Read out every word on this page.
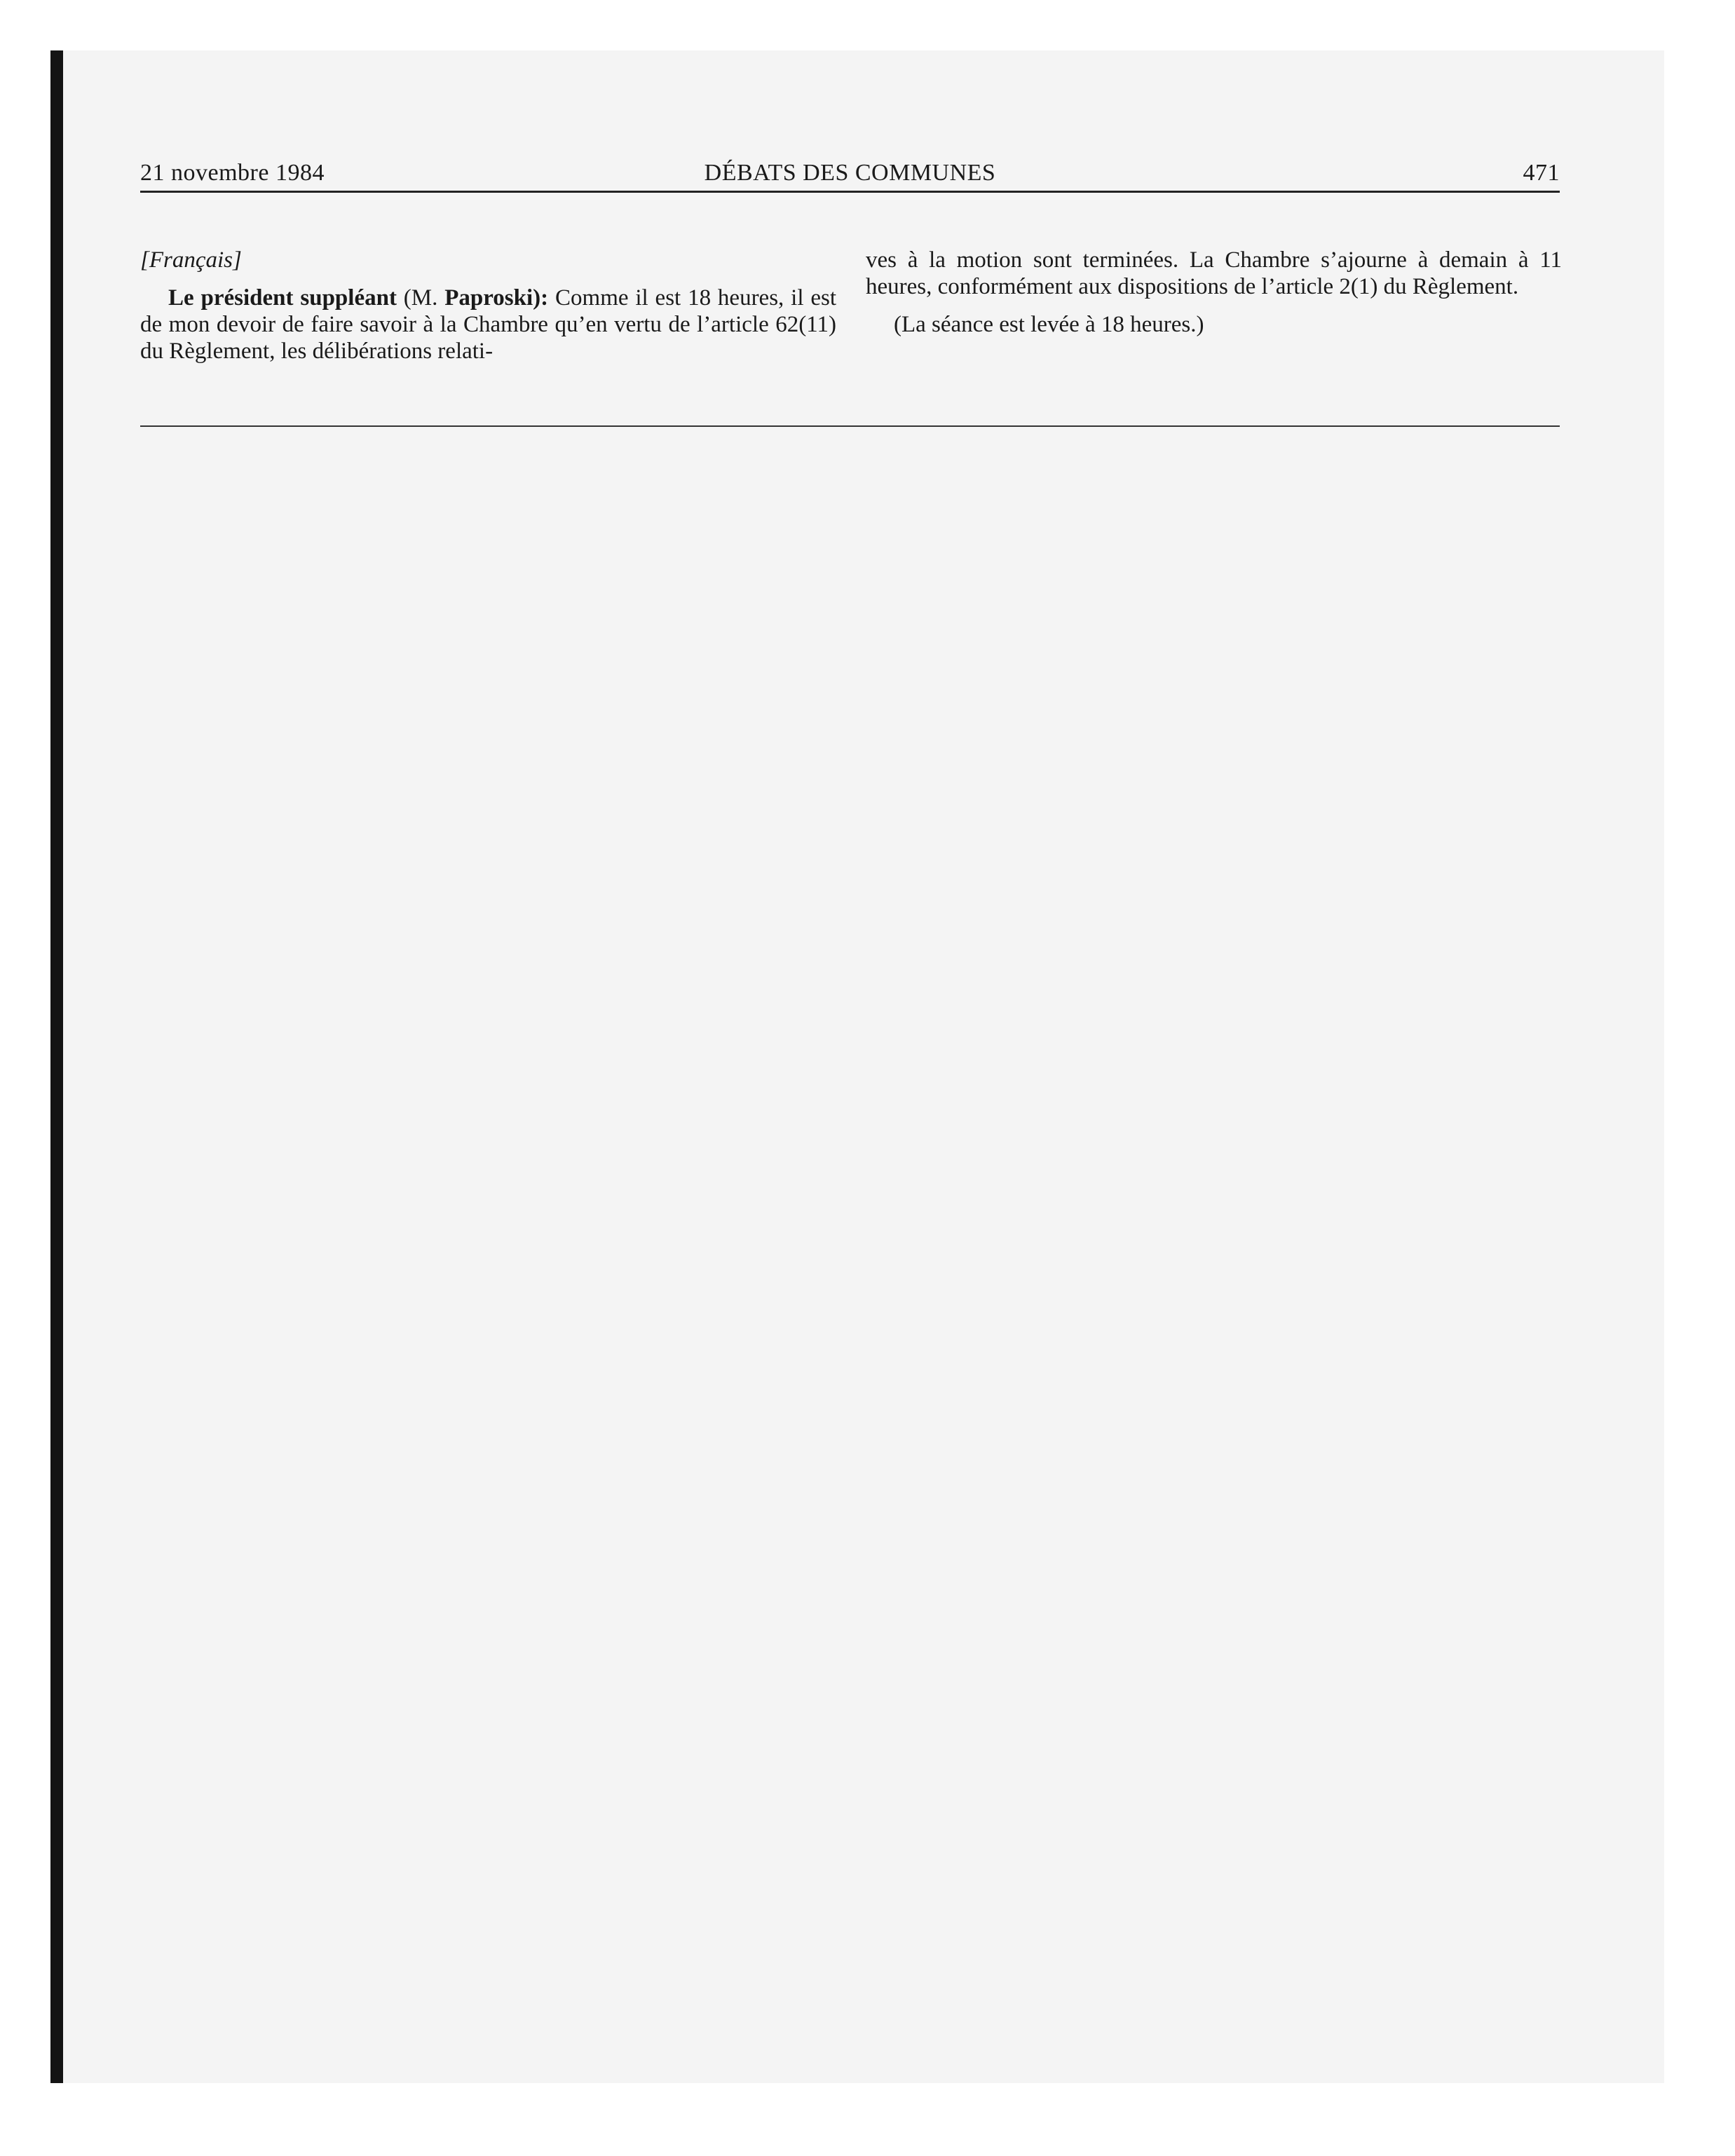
21 novembre 1984	DÉBATS DES COMMUNES	471

[Français]

Le président suppléant (M. Paproski): Comme il est 18 heures, il est de mon devoir de faire savoir à la Chambre qu’en vertu de l’article 62(11) du Règlement, les délibérations relati-

ves à la motion sont terminées. La Chambre s’ajourne à demain à 11 heures, conformément aux dispositions de l’article 2(1) du Règlement.

(La séance est levée à 18 heures.)
